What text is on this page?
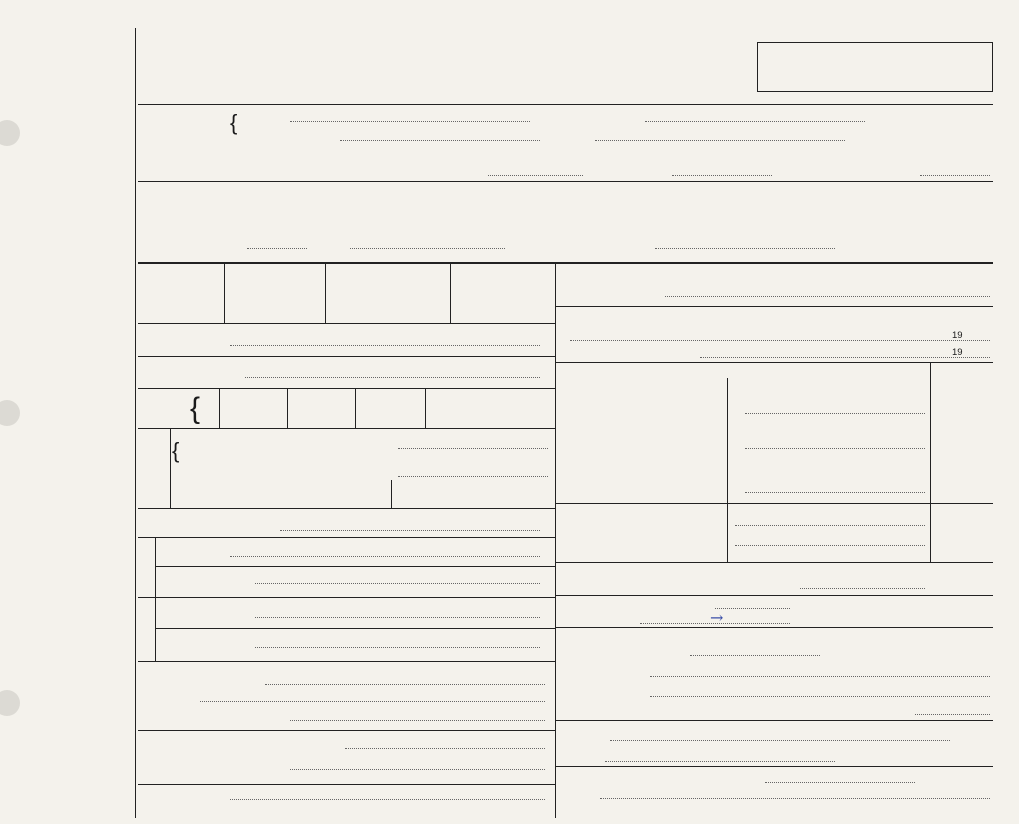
{
{
{
19
19
→
